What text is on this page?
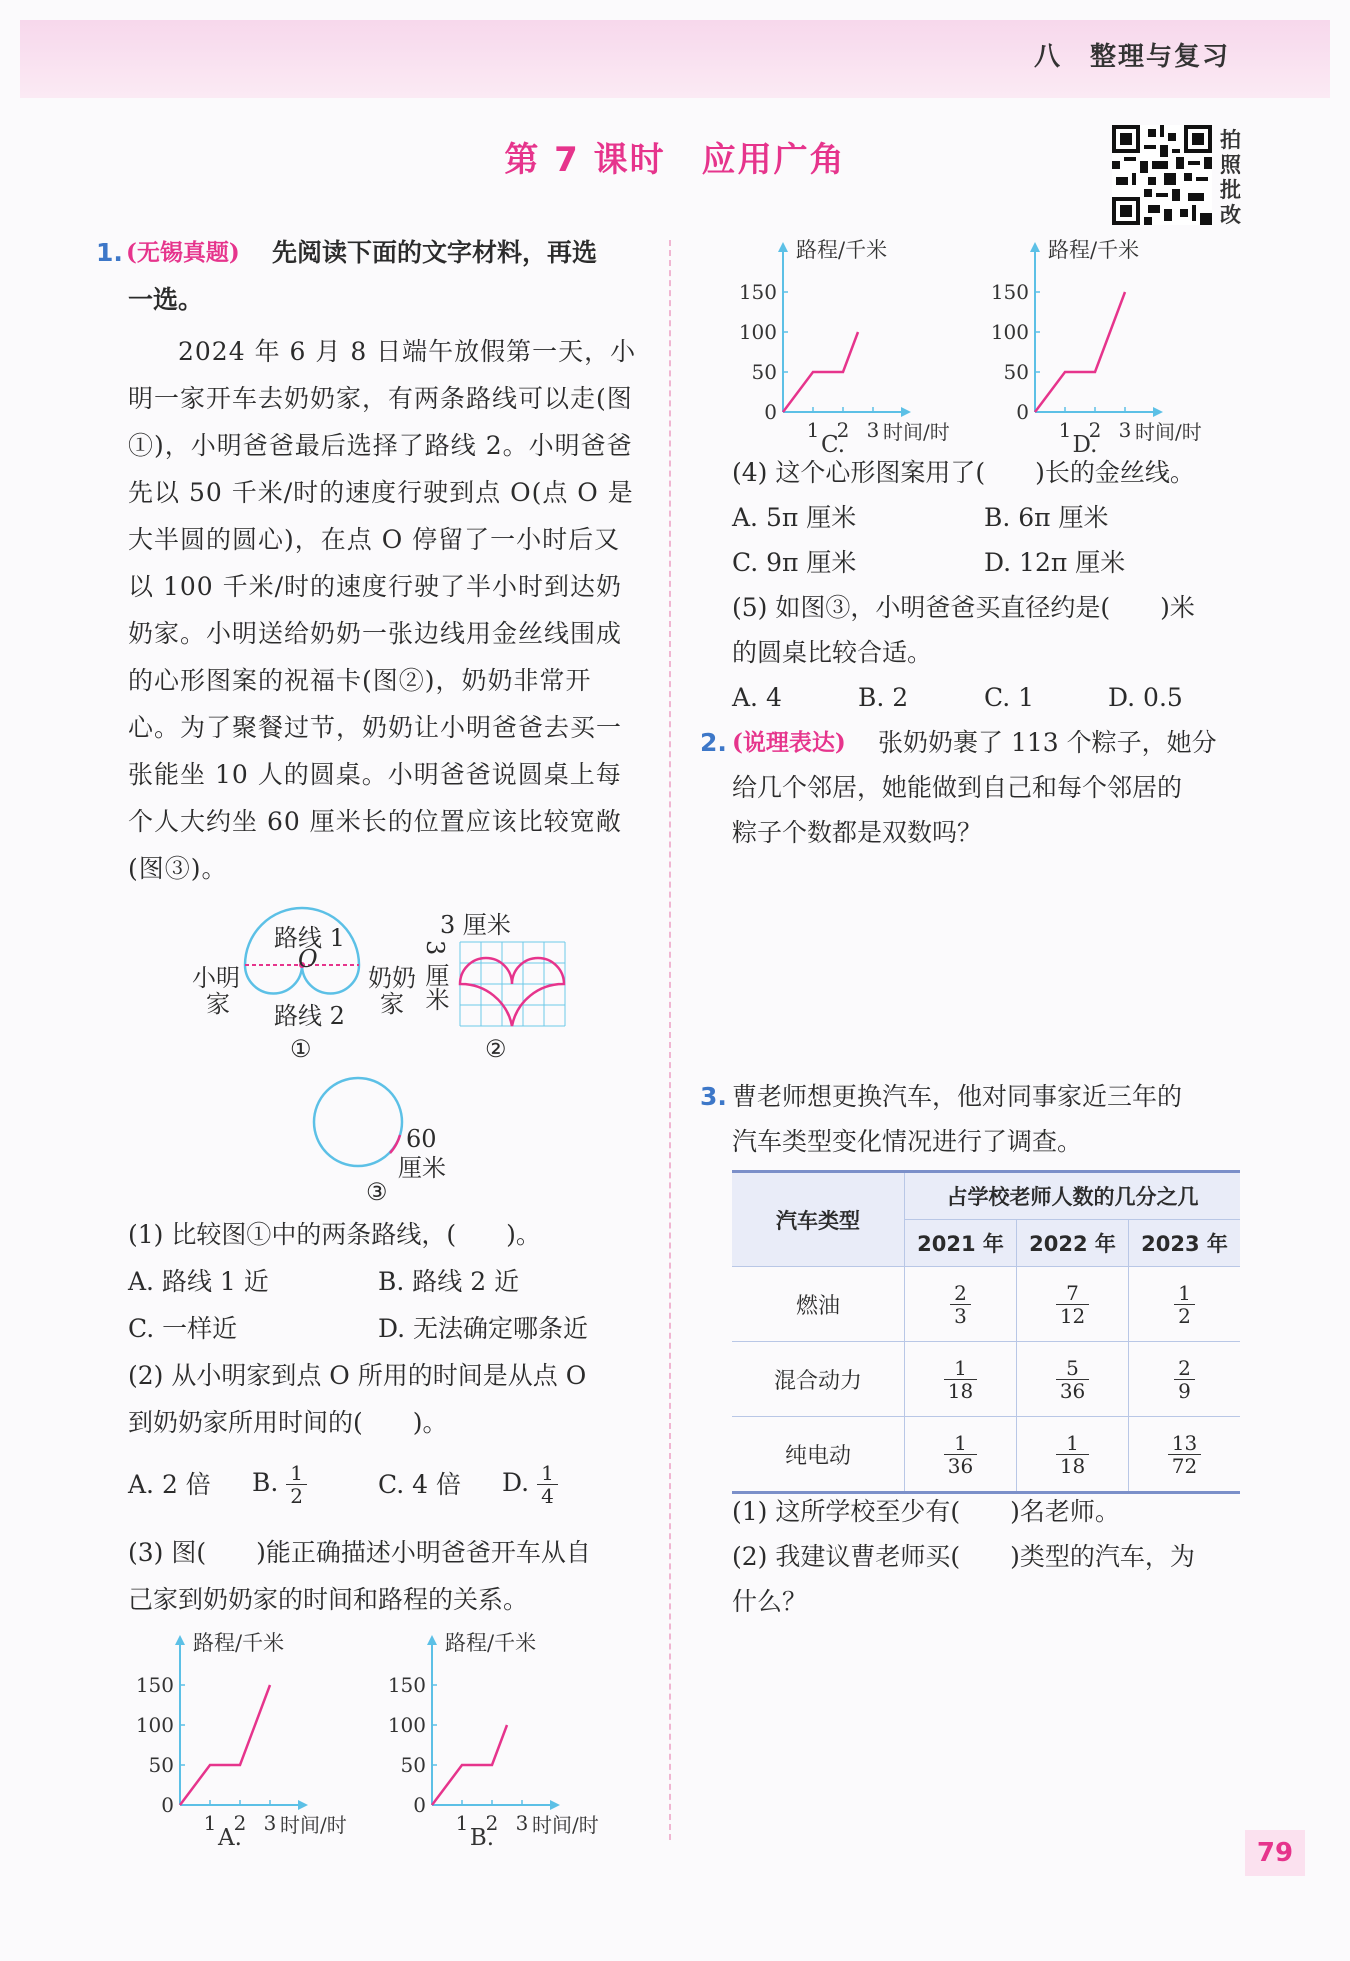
八　整理与复习
第 7 课时　应用广角	拍照批改
1. (无锡真题) 先阅读下面的文字材料，再选
一选。
2024 年 6 月 8 日端午放假第一天，小明一家开车去奶奶家，有两条路线可以走(图①)，小明爸爸最后选择了路线 2。小明爸爸先以 50 千米/时的速度行驶到点 O(点 O 是大半圆的圆心)，在点 O 停留了一小时后又以 100 千米/时的速度行驶了半小时到达奶奶家。小明送给奶奶一张边线用金丝线围成的心形图案的祝福卡(图②)，奶奶非常开心。为了聚餐过节，奶奶让小明爸爸去买一张能坐 10 人的圆桌。小明爸爸说圆桌上每个人大约坐 60 厘米长的位置应该比较宽敞(图③)。
路线 1
O
小明
家
奶奶
家
路线 2
①
3 厘米
3 厘米
②
60
厘米
③
(1) 比较图①中的两条路线，(　　)。
A. 路线 1 近	B. 路线 2 近
C. 一样近	D. 无法确定哪条近
(2) 从小明家到点 O 所用的时间是从点 O
到奶奶家所用时间的(　　)。
A. 2 倍 B. $\frac{1}{2}$	C. 4 倍 D. $\frac{1}{4}$
(3) 图(　　)能正确描述小明爸爸开车从自
己家到奶奶家的时间和路程的关系。
0
50
100
150
1 2 3
路程/千米
时间/时
A.
0
50
100
150
1 2 3
路程/千米
时间/时
B.
0
50
100
150
1 2 3
路程/千米
时间/时
C.
0
50
100
150
1 2 3
路程/千米
时间/时
D.
(4) 这个心形图案用了(　　)长的金丝线。
A. 5π 厘米	B. 6π 厘米
C. 9π 厘米	D. 12π 厘米
(5) 如图③，小明爸爸买直径约是(　　)米
的圆桌比较合适。
A. 4	B. 2	C. 1	D. 0.5
2. (说理表达) 张奶奶裹了 113 个粽子，她分
给几个邻居，她能做到自己和每个邻居的
粽子个数都是双数吗？
3. 曹老师想更换汽车，他对同事家近三年的
汽车类型变化情况进行了调查。
汽车类型	占学校老师人数的几分之几		
	2021 年	2022 年	2023 年
燃油	$\frac{2}{3}$	$\frac{7}{12}$	$\frac{1}{2}$

混合动力	$\frac{1}{18}$	$\frac{5}{36}$	$\frac{2}{9}$

纯电动	$\frac{1}{36}$	$\frac{1}{18}$	$\frac{13}{72}$
(1) 这所学校至少有(　　)名老师。
(2) 我建议曹老师买(　　)类型的汽车，为
什么？
79
